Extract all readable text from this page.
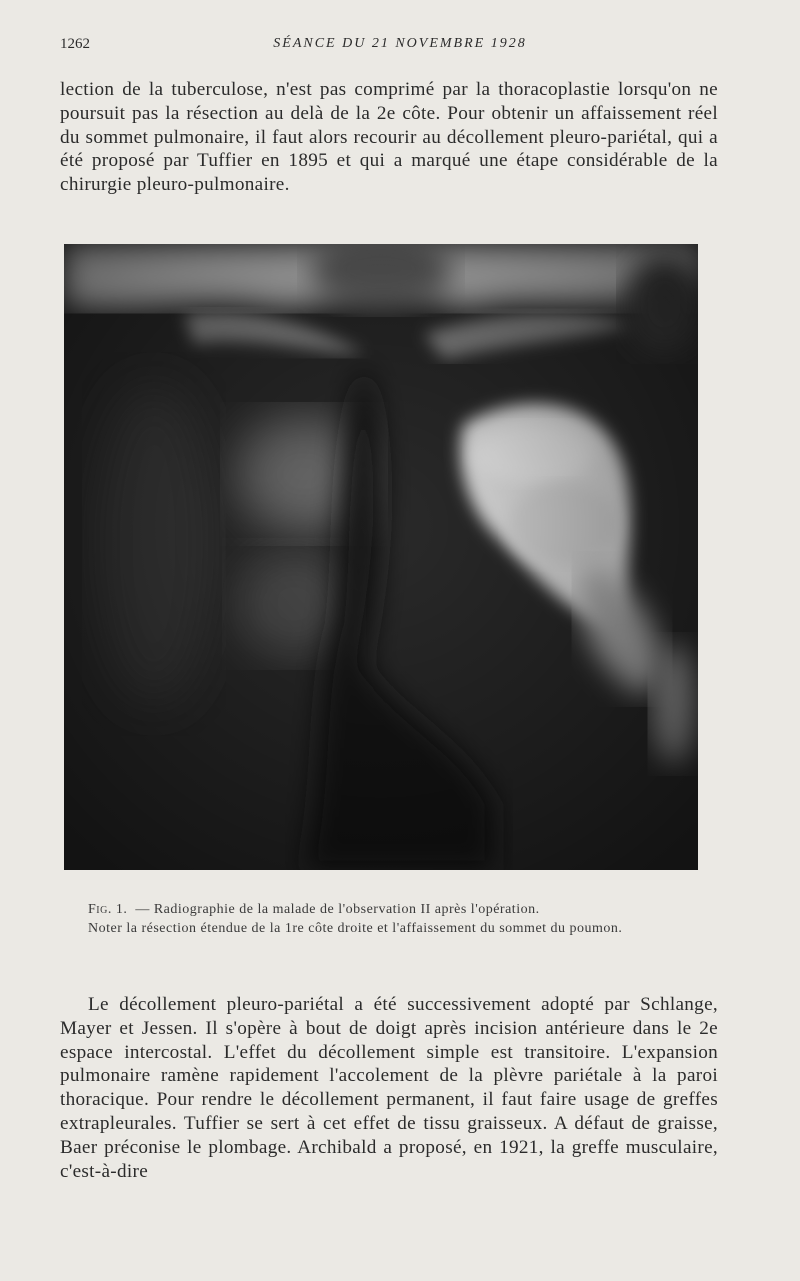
1262	SÉANCE DU 21 NOVEMBRE 1928

lection de la tuberculose, n'est pas comprimé par la thoracoplastie lorsqu'on ne poursuit pas la résection au delà de la 2e côte. Pour obtenir un affaissement réel du sommet pulmonaire, il faut alors recourir au décollement pleuro-pariétal, qui a été proposé par Tuffier en 1895 et qui a marqué une étape considérable de la chirurgie pleuro-pulmonaire.

Fig. 1. — Radiographie de la malade de l'observation II après l'opération.
Noter la résection étendue de la 1re côte droite et l'affaissement du sommet du poumon.

Le décollement pleuro-pariétal a été successivement adopté par Schlange, Mayer et Jessen. Il s'opère à bout de doigt après incision antérieure dans le 2e espace intercostal. L'effet du décollement simple est transitoire. L'expansion pulmonaire ramène rapidement l'accolement de la plèvre pariétale à la paroi thoracique. Pour rendre le décollement permanent, il faut faire usage de greffes extrapleurales. Tuffier se sert à cet effet de tissu graisseux. A défaut de graisse, Baer préconise le plombage. Archibald a proposé, en 1921, la greffe musculaire, c'est-à-dire
